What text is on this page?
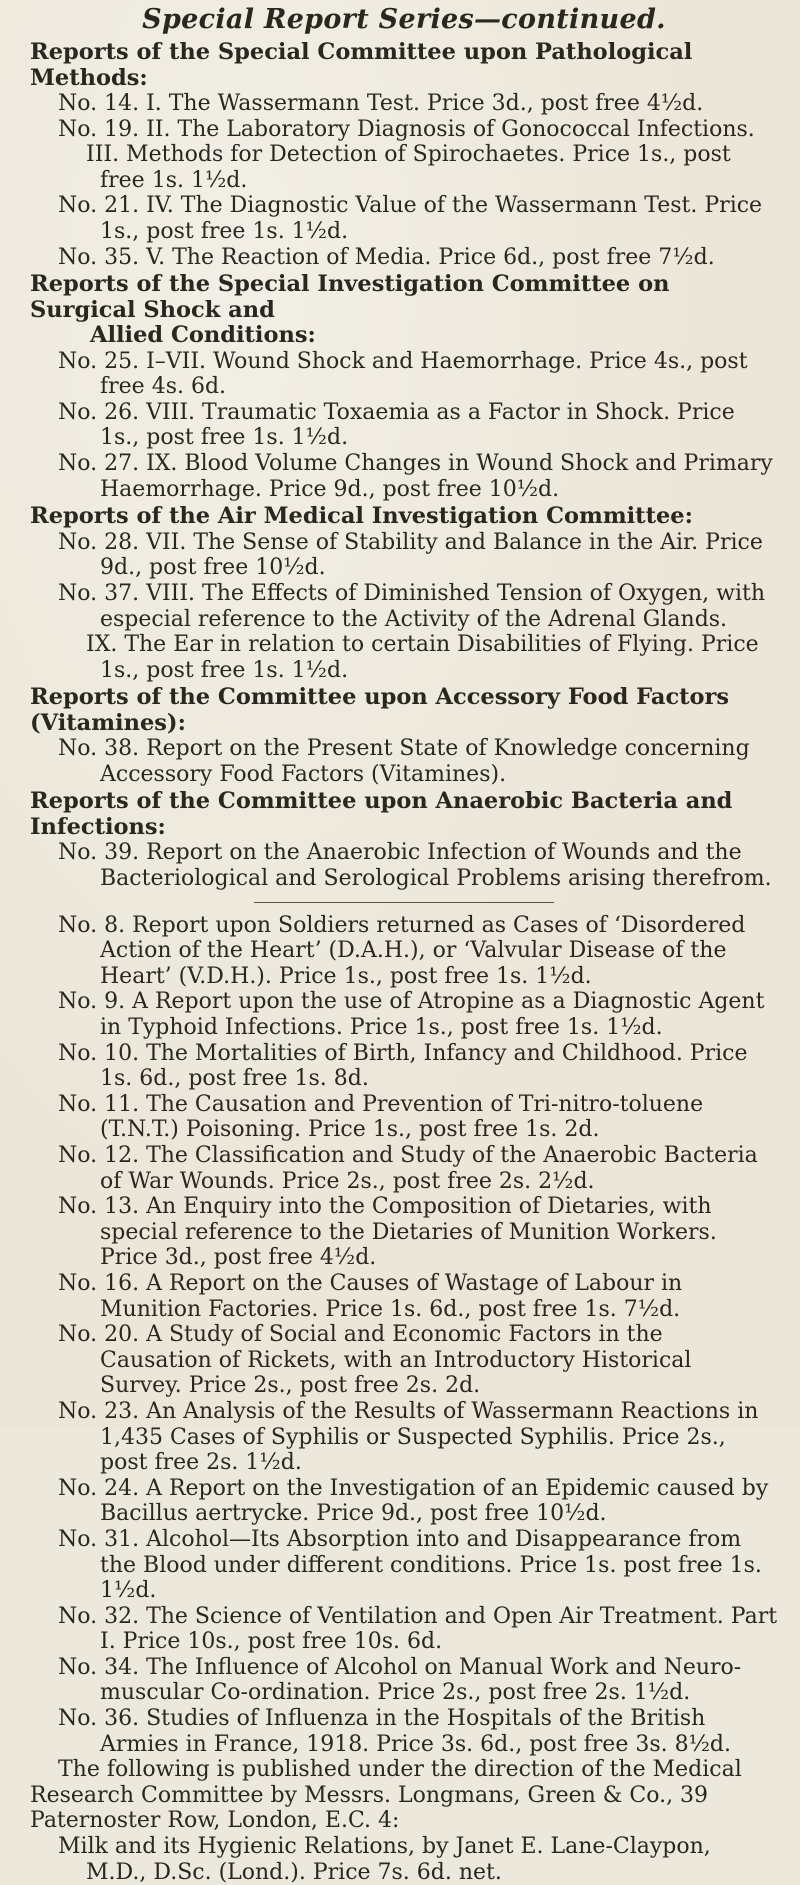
Special Report Series—continued.

Reports of the Special Committee upon Pathological Methods:

No. 14. I. The Wassermann Test. Price 3d., post free 4½d.

No. 19. II. The Laboratory Diagnosis of Gonococcal Infections.

III. Methods for Detection of Spirochaetes. Price 1s., post free 1s. 1½d.

No. 21. IV. The Diagnostic Value of the Wassermann Test. Price 1s., post free 1s. 1½d.

No. 35. V. The Reaction of Media. Price 6d., post free 7½d.

Reports of the Special Investigation Committee on Surgical Shock and
Allied Conditions:

No. 25. I–VII. Wound Shock and Haemorrhage. Price 4s., post free 4s. 6d.

No. 26. VIII. Traumatic Toxaemia as a Factor in Shock. Price 1s., post free 1s. 1½d.

No. 27. IX. Blood Volume Changes in Wound Shock and Primary Haemorrhage. Price 9d., post free 10½d.

Reports of the Air Medical Investigation Committee:

No. 28. VII. The Sense of Stability and Balance in the Air. Price 9d., post free 10½d.

No. 37. VIII. The Effects of Diminished Tension of Oxygen, with especial reference to the Activity of the Adrenal Glands.

IX. The Ear in relation to certain Disabilities of Flying. Price 1s., post free 1s. 1½d.

Reports of the Committee upon Accessory Food Factors (Vitamines):

No. 38. Report on the Present State of Knowledge concerning Accessory Food Factors (Vitamines).

Reports of the Committee upon Anaerobic Bacteria and Infections:

No. 39. Report on the Anaerobic Infection of Wounds and the Bacteriological and Serological Problems arising therefrom.

No. 8. Report upon Soldiers returned as Cases of ‘Disordered Action of the Heart’ (D.A.H.), or ‘Valvular Disease of the Heart’ (V.D.H.). Price 1s., post free 1s. 1½d.

No. 9. A Report upon the use of Atropine as a Diagnostic Agent in Typhoid Infections. Price 1s., post free 1s. 1½d.

No. 10. The Mortalities of Birth, Infancy and Childhood. Price 1s. 6d., post free 1s. 8d.

No. 11. The Causation and Prevention of Tri-nitro-toluene (T.N.T.) Poisoning. Price 1s., post free 1s. 2d.

No. 12. The Classification and Study of the Anaerobic Bacteria of War Wounds. Price 2s., post free 2s. 2½d.

No. 13. An Enquiry into the Composition of Dietaries, with special reference to the Dietaries of Munition Workers. Price 3d., post free 4½d.

No. 16. A Report on the Causes of Wastage of Labour in Munition Factories. Price 1s. 6d., post free 1s. 7½d.

No. 20. A Study of Social and Economic Factors in the Causation of Rickets, with an Introductory Historical Survey. Price 2s., post free 2s. 2d.

No. 23. An Analysis of the Results of Wassermann Reactions in 1,435 Cases of Syphilis or Suspected Syphilis. Price 2s., post free 2s. 1½d.

No. 24. A Report on the Investigation of an Epidemic caused by Bacillus aertrycke. Price 9d., post free 10½d.

No. 31. Alcohol—Its Absorption into and Disappearance from the Blood under different conditions. Price 1s. post free 1s. 1½d.

No. 32. The Science of Ventilation and Open Air Treatment. Part I. Price 10s., post free 10s. 6d.

No. 34. The Influence of Alcohol on Manual Work and Neuro-muscular Co-ordination. Price 2s., post free 2s. 1½d.

No. 36. Studies of Influenza in the Hospitals of the British Armies in France, 1918. Price 3s. 6d., post free 3s. 8½d.

The following is published under the direction of the Medical Research Committee by Messrs. Longmans, Green & Co., 39 Paternoster Row, London, E.C. 4:

Milk and its Hygienic Relations, by Janet E. Lane-Claypon, M.D., D.Sc. (Lond.). Price 7s. 6d. net.
